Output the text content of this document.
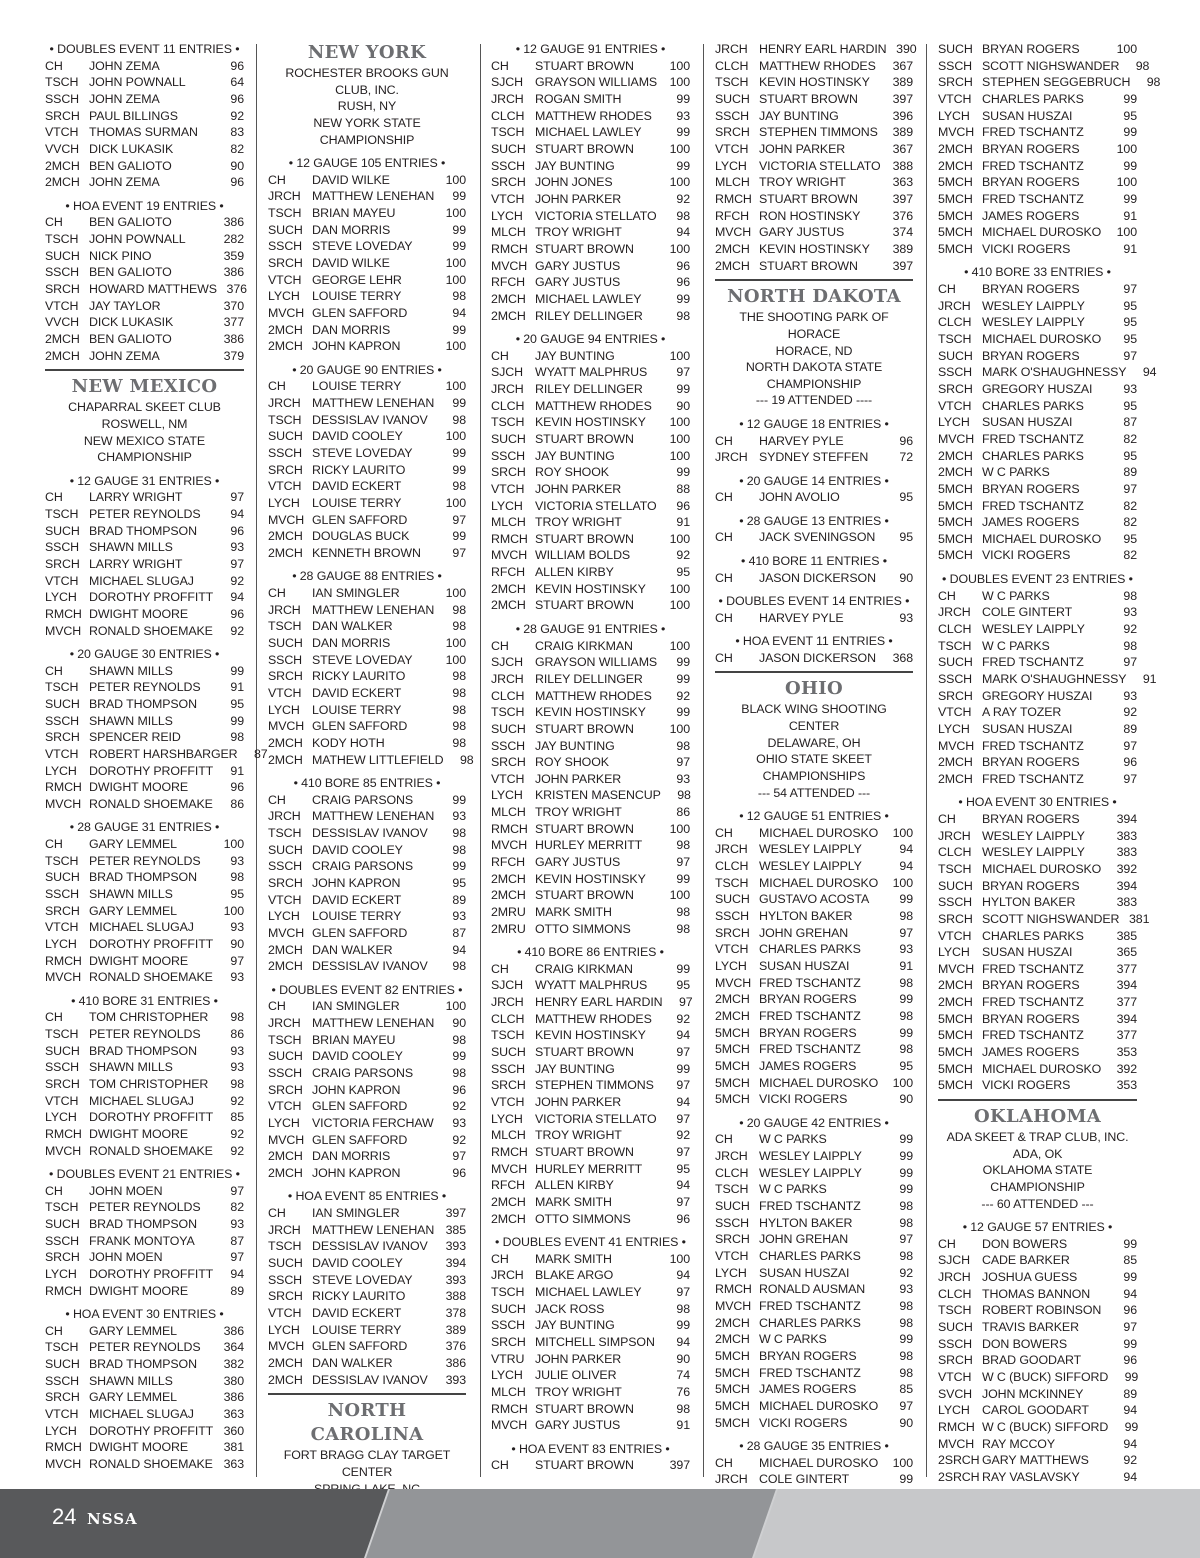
• DOUBLES EVENT 11 ENTRIES •
CH	JOHN ZEMA	96
TSCH JOHN POWNALL	64
SSCH JOHN ZEMA	96
SRCH PAUL BILLINGS	92
VTCH THOMAS SURMAN	83
VVCH DICK LUKASIK	82
2MCH BEN GALIOTO	90
2MCH JOHN ZEMA	96
• HOA EVENT 19 ENTRIES •
CH	BEN GALIOTO	386
TSCH JOHN POWNALL	282
SUCH NICK PINO	359
SSCH BEN GALIOTO	386
SRCH HOWARD MATTHEWS 376
VTCH JAY TAYLOR	370
VVCH DICK LUKASIK	377
2MCH BEN GALIOTO	386
2MCH JOHN ZEMA	379
NEW MEXICO
CHAPARRAL SKEET CLUB
ROSWELL, NM
NEW MEXICO STATE CHAMPIONSHIP
• 12 GAUGE 31 ENTRIES •
CH	LARRY WRIGHT	97
TSCH PETER REYNOLDS	94
SUCH BRAD THOMPSON	96
SSCH SHAWN MILLS	93
SRCH LARRY WRIGHT	97
VTCH MICHAEL SLUGAJ	92
LYCH DOROTHY PROFFITT	94
RMCH DWIGHT MOORE	96
MVCH RONALD SHOEMAKE	92
• 20 GAUGE 30 ENTRIES •
CH	SHAWN MILLS	99
TSCH PETER REYNOLDS	91
SUCH BRAD THOMPSON	95
SSCH SHAWN MILLS	99
SRCH SPENCER REID	98
VTCH ROBERT HARSHBARGER	87
LYCH DOROTHY PROFFITT	91
RMCH DWIGHT MOORE	96
MVCH RONALD SHOEMAKE	86
• 28 GAUGE 31 ENTRIES •
CH	GARY LEMMEL	100
TSCH PETER REYNOLDS	93
SUCH BRAD THOMPSON	98
SSCH SHAWN MILLS	95
SRCH GARY LEMMEL	100
VTCH MICHAEL SLUGAJ	93
LYCH DOROTHY PROFFITT	90
RMCH DWIGHT MOORE	97
MVCH RONALD SHOEMAKE	93
• 410 BORE 31 ENTRIES •
CH	TOM CHRISTOPHER	98
TSCH PETER REYNOLDS	86
SUCH BRAD THOMPSON	93
SSCH SHAWN MILLS	93
SRCH TOM CHRISTOPHER	98
VTCH MICHAEL SLUGAJ	92
LYCH DOROTHY PROFFITT	85
RMCH DWIGHT MOORE	92
MVCH RONALD SHOEMAKE	92
• DOUBLES EVENT 21 ENTRIES •
CH	JOHN MOEN	97
TSCH PETER REYNOLDS	82
SUCH BRAD THOMPSON	93
SSCH FRANK MONTOYA	87
SRCH JOHN MOEN	97
LYCH DOROTHY PROFFITT	94
RMCH DWIGHT MOORE	89
• HOA EVENT 30 ENTRIES •
CH	GARY LEMMEL	386
TSCH PETER REYNOLDS	364
SUCH BRAD THOMPSON	382
SSCH SHAWN MILLS	380
SRCH GARY LEMMEL	386
VTCH MICHAEL SLUGAJ	363
LYCH DOROTHY PROFFITT 360
RMCH DWIGHT MOORE	381
MVCH RONALD SHOEMAKE 363
NEW YORK
ROCHESTER BROOKS GUN CLUB, INC.
RUSH, NY
NEW YORK STATE CHAMPIONSHIP
• 12 GAUGE 105 ENTRIES •
CH	DAVID WILKE	100
JRCH MATTHEW LENEHAN	99
TSCH BRIAN MAYEU	100
SUCH DAN MORRIS	99
SSCH STEVE LOVEDAY	99
SRCH DAVID WILKE	100
VTCH GEORGE LEHR	100
LYCH LOUISE TERRY	98
MVCH GLEN SAFFORD	94
2MCH DAN MORRIS	99
2MCH JOHN KAPRON	100
• 20 GAUGE 90 ENTRIES •
CH	LOUISE TERRY	100
JRCH MATTHEW LENEHAN	99
TSCH DESSISLAV IVANOV	98
SUCH DAVID COOLEY	100
SSCH STEVE LOVEDAY	99
SRCH RICKY LAURITO	99
VTCH DAVID ECKERT	98
LYCH LOUISE TERRY	100
MVCH GLEN SAFFORD	97
2MCH DOUGLAS BUCK	99
2MCH KENNETH BROWN	97
• 28 GAUGE 88 ENTRIES •
CH	IAN SMINGLER	100
JRCH MATTHEW LENEHAN	98
TSCH DAN WALKER	98
SUCH DAN MORRIS	100
SSCH STEVE LOVEDAY	100
SRCH RICKY LAURITO	98
VTCH DAVID ECKERT	98
LYCH LOUISE TERRY	98
MVCH GLEN SAFFORD	98
2MCH KODY HOTH	98
2MCH MATHEW LITTLEFIELD	98
• 410 BORE 85 ENTRIES •
CH	CRAIG PARSONS	99
JRCH MATTHEW LENEHAN	93
TSCH DESSISLAV IVANOV	98
SUCH DAVID COOLEY	98
SSCH CRAIG PARSONS	99
SRCH JOHN KAPRON	95
VTCH DAVID ECKERT	89
LYCH LOUISE TERRY	93
MVCH GLEN SAFFORD	87
2MCH DAN WALKER	94
2MCH DESSISLAV IVANOV	98
• DOUBLES EVENT 82 ENTRIES •
CH	IAN SMINGLER	100
JRCH MATTHEW LENEHAN	90
TSCH BRIAN MAYEU	98
SUCH DAVID COOLEY	99
SSCH CRAIG PARSONS	98
SRCH JOHN KAPRON	96
VTCH GLEN SAFFORD	92
LYCH VICTORIA FERCHAW	93
MVCH GLEN SAFFORD	92
2MCH DAN MORRIS	97
2MCH JOHN KAPRON	96
• HOA EVENT 85 ENTRIES •
CH	IAN SMINGLER	397
JRCH MATTHEW LENEHAN 385
TSCH DESSISLAV IVANOV	393
SUCH DAVID COOLEY	394
SSCH STEVE LOVEDAY	393
SRCH RICKY LAURITO	388
VTCH DAVID ECKERT	378
LYCH LOUISE TERRY	389
MVCH GLEN SAFFORD	376
2MCH DAN WALKER	386
2MCH DESSISLAV IVANOV	393
NORTH CAROLINA
FORT BRAGG CLAY TARGET CENTER
• 12 GAUGE 91 ENTRIES •
CH	STUART BROWN	100
SJCH GRAYSON WILLIAMS	100
JRCH ROGAN SMITH	99
CLCH MATTHEW RHODES	93
TSCH MICHAEL LAWLEY	99
SUCH STUART BROWN	100
SSCH JAY BUNTING	99
SRCH JOHN JONES	100
VTCH JOHN PARKER	92
LYCH VICTORIA STELLATO	98
MLCH TROY WRIGHT	94
RMCH STUART BROWN	100
MVCH GARY JUSTUS	96
RFCH GARY JUSTUS	96
2MCH MICHAEL LAWLEY	99
2MCH RILEY DELLINGER	98
• 20 GAUGE 94 ENTRIES •
CH	JAY BUNTING	100
SJCH WYATT MALPHRUS	97
JRCH RILEY DELLINGER	99
CLCH MATTHEW RHODES	90
TSCH KEVIN HOSTINSKY	100
SUCH STUART BROWN	100
SSCH JAY BUNTING	100
SRCH ROY SHOOK	99
VTCH JOHN PARKER	88
LYCH VICTORIA STELLATO	96
MLCH TROY WRIGHT	91
RMCH STUART BROWN	100
MVCH WILLIAM BOLDS	92
RFCH ALLEN KIRBY	95
2MCH KEVIN HOSTINSKY	100
2MCH STUART BROWN	100
• 28 GAUGE 91 ENTRIES •
CH	CRAIG KIRKMAN	100
SJCH GRAYSON WILLIAMS	99
JRCH RILEY DELLINGER	99
CLCH MATTHEW RHODES	92
TSCH KEVIN HOSTINSKY	99
SUCH STUART BROWN	100
SSCH JAY BUNTING	98
SRCH ROY SHOOK	97
VTCH JOHN PARKER	93
LYCH KRISTEN MASENCUP	98
MLCH TROY WRIGHT	86
RMCH STUART BROWN	100
MVCH HURLEY MERRITT	98
RFCH GARY JUSTUS	97
2MCH KEVIN HOSTINSKY	99
2MCH STUART BROWN	100
2MRU MARK SMITH	98
2MRU OTTO SIMMONS	98
• 410 BORE 86 ENTRIES •
CH	CRAIG KIRKMAN	99
SJCH WYATT MALPHRUS	95
JRCH HENRY EARL HARDIN	97
CLCH MATTHEW RHODES	92
TSCH KEVIN HOSTINSKY	94
SUCH STUART BROWN	97
SSCH JAY BUNTING	99
SRCH STEPHEN TIMMONS	97
VTCH JOHN PARKER	94
LYCH VICTORIA STELLATO	97
MLCH TROY WRIGHT	92
RMCH STUART BROWN	97
MVCH HURLEY MERRITT	95
RFCH ALLEN KIRBY	94
2MCH MARK SMITH	97
2MCH OTTO SIMMONS	96
• DOUBLES EVENT 41 ENTRIES •
CH	MARK SMITH	100
JRCH BLAKE ARGO	94
TSCH MICHAEL LAWLEY	97
SUCH JACK ROSS	98
SSCH JAY BUNTING	99
SRCH MITCHELL SIMPSON	94
VTRU JOHN PARKER	90
LYCH JULIE OLIVER	74
MLCH TROY WRIGHT	76
RMCH STUART BROWN	98
MVCH GARY JUSTUS	91
• HOA EVENT 83 ENTRIES •
CH	STUART BROWN	397
JRCH HENRY EARL HARDIN 390
CLCH MATTHEW RHODES	367
TSCH KEVIN HOSTINSKY	389
SUCH STUART BROWN	397
SSCH JAY BUNTING	396
SRCH STEPHEN TIMMONS	389
VTCH JOHN PARKER	367
LYCH VICTORIA STELLATO 388
MLCH TROY WRIGHT	363
RMCH STUART BROWN	397
RFCH RON HOSTINSKY	376
MVCH GARY JUSTUS	374
2MCH KEVIN HOSTINSKY	389
2MCH STUART BROWN	397
NORTH DAKOTA
THE SHOOTING PARK OF HORACE
HORACE, ND
NORTH DAKOTA STATE
CHAMPIONSHIP
--- 19 ATTENDED ----
• 12 GAUGE 18 ENTRIES •
CH	HARVEY PYLE	96
JRCH SYDNEY STEFFEN	72
• 20 GAUGE 14 ENTRIES •
CH	JOHN AVOLIO	95
• 28 GAUGE 13 ENTRIES •
CH	JACK SVENINGSON	95
• 410 BORE 11 ENTRIES •
CH	JASON DICKERSON	90
• DOUBLES EVENT 14 ENTRIES •
CH	HARVEY PYLE	93
• HOA EVENT 11 ENTRIES •
CH	JASON DICKERSON	368
OHIO
BLACK WING SHOOTING CENTER
DELAWARE, OH
OHIO STATE SKEET CHAMPIONSHIPS
--- 54 ATTENDED ---
• 12 GAUGE 51 ENTRIES •
CH	MICHAEL DUROSKO	100
JRCH WESLEY LAIPPLY	94
CLCH WESLEY LAIPPLY	94
TSCH MICHAEL DUROSKO	100
SUCH GUSTAVO ACOSTA	99
SSCH HYLTON BAKER	98
SRCH JOHN GREHAN	97
VTCH CHARLES PARKS	93
LYCH SUSAN HUSZAI	91
MVCH FRED TSCHANTZ	98
2MCH BRYAN ROGERS	99
2MCH FRED TSCHANTZ	98
5MCH BRYAN ROGERS	99
5MCH FRED TSCHANTZ	98
5MCH JAMES ROGERS	95
5MCH MICHAEL DUROSKO	100
5MCH VICKI ROGERS	90
• 20 GAUGE 42 ENTRIES •
CH	W C PARKS	99
JRCH WESLEY LAIPPLY	99
CLCH WESLEY LAIPPLY	99
TSCH W C PARKS	99
SUCH FRED TSCHANTZ	98
SSCH HYLTON BAKER	98
SRCH JOHN GREHAN	97
VTCH CHARLES PARKS	98
LYCH SUSAN HUSZAI	92
RMCH RONALD AUSMAN	93
MVCH FRED TSCHANTZ	98
2MCH CHARLES PARKS	98
2MCH W C PARKS	99
5MCH BRYAN ROGERS	98
5MCH FRED TSCHANTZ	98
5MCH JAMES ROGERS	85
5MCH MICHAEL DUROSKO	97
5MCH VICKI ROGERS	90
• 28 GAUGE 35 ENTRIES •
CH	MICHAEL DUROSKO	100
JRCH COLE GINTERT	99
SUCH BRYAN ROGERS	100
SSCH SCOTT NIGHSWANDER	98
SRCH STEPHEN SEGGEBRUCH	98
VTCH CHARLES PARKS	99
LYCH SUSAN HUSZAI	95
MVCH FRED TSCHANTZ	99
2MCH BRYAN ROGERS	100
2MCH FRED TSCHANTZ	99
5MCH BRYAN ROGERS	100
5MCH FRED TSCHANTZ	99
5MCH JAMES ROGERS	91
5MCH MICHAEL DUROSKO	100
5MCH VICKI ROGERS	91
• 410 BORE 33 ENTRIES •
CH	BRYAN ROGERS	97
JRCH WESLEY LAIPPLY	95
CLCH WESLEY LAIPPLY	95
TSCH MICHAEL DUROSKO	95
SUCH BRYAN ROGERS	97
SSCH MARK O'SHAUGHNESSY	94
SRCH GREGORY HUSZAI	93
VTCH CHARLES PARKS	95
LYCH SUSAN HUSZAI	87
MVCH FRED TSCHANTZ	82
2MCH CHARLES PARKS	95
2MCH W C PARKS	89
5MCH BRYAN ROGERS	97
5MCH FRED TSCHANTZ	82
5MCH JAMES ROGERS	82
5MCH MICHAEL DUROSKO	95
5MCH VICKI ROGERS	82
• DOUBLES EVENT 23 ENTRIES •
CH	W C PARKS	98
JRCH COLE GINTERT	93
CLCH WESLEY LAIPPLY	92
TSCH W C PARKS	98
SUCH FRED TSCHANTZ	97
SSCH MARK O'SHAUGHNESSY	91
SRCH GREGORY HUSZAI	93
VTCH A RAY TOZER	92
LYCH SUSAN HUSZAI	89
MVCH FRED TSCHANTZ	97
2MCH BRYAN ROGERS	96
2MCH FRED TSCHANTZ	97
• HOA EVENT 30 ENTRIES •
CH	BRYAN ROGERS	394
JRCH WESLEY LAIPPLY	383
CLCH WESLEY LAIPPLY	383
TSCH MICHAEL DUROSKO	392
SUCH BRYAN ROGERS	394
SSCH HYLTON BAKER	383
SRCH SCOTT NIGHSWANDER 381
VTCH CHARLES PARKS	385
LYCH SUSAN HUSZAI	365
MVCH FRED TSCHANTZ	377
2MCH BRYAN ROGERS	394
2MCH FRED TSCHANTZ	377
5MCH BRYAN ROGERS	394
5MCH FRED TSCHANTZ	377
5MCH JAMES ROGERS	353
5MCH MICHAEL DUROSKO	392
5MCH VICKI ROGERS	353
OKLAHOMA
ADA SKEET & TRAP CLUB, INC.
ADA, OK
OKLAHOMA STATE CHAMPIONSHIP
--- 60 ATTENDED ---
• 12 GAUGE 57 ENTRIES •
CH	DON BOWERS	99
SJCH CADE BARKER	85
JRCH JOSHUA GUESS	99
CLCH THOMAS BANNON	94
TSCH ROBERT ROBINSON	96
SUCH TRAVIS BARKER	97
SSCH DON BOWERS	99
SRCH BRAD GOODART	96
VTCH W C (BUCK) SIFFORD	99
SVCH JOHN MCKINNEY	89
LYCH CAROL GOODART	94
RMCH W C (BUCK) SIFFORD	99
MVCH RAY MCCOY	94
2SRCH GARY MATTHEWS	92
2SRCH RAY VASLAVSKY	94
24 NSSA
